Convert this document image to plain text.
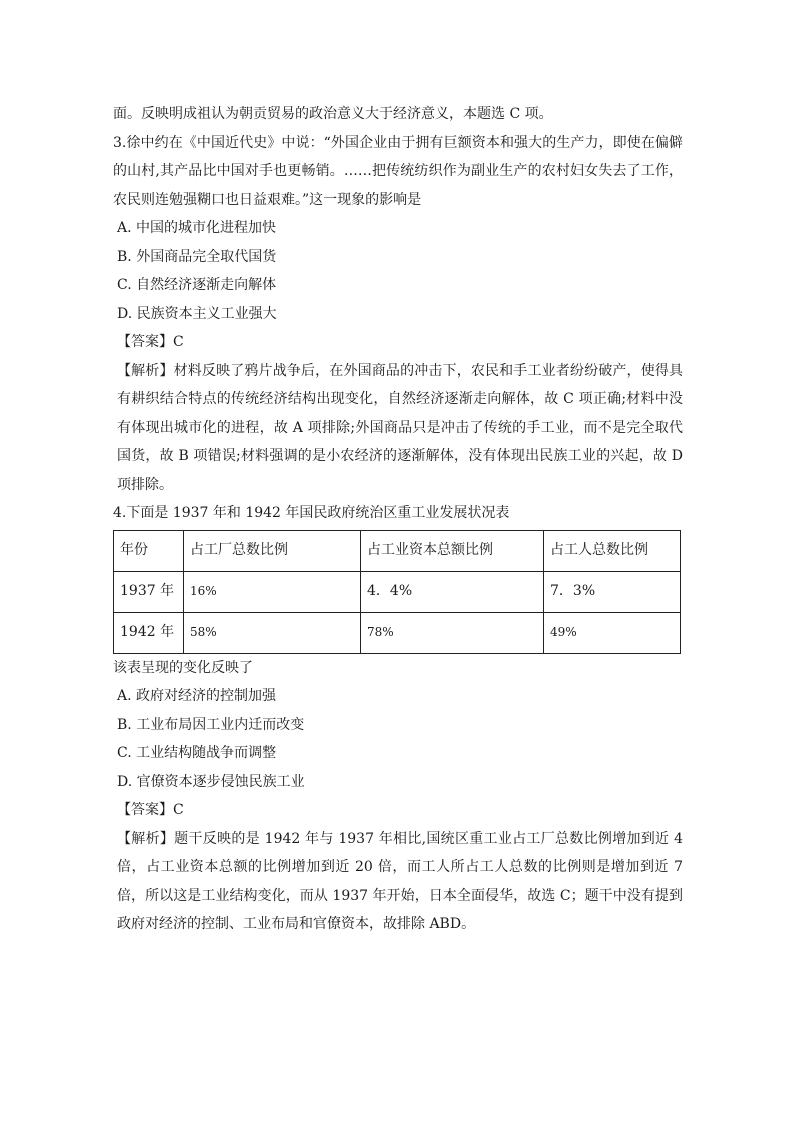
面。反映明成祖认为朝贡贸易的政治意义大于经济意义，本题选 C 项。

3.徐中约在《中国近代史》中说：“外国企业由于拥有巨额资本和强大的生产力，即使在偏僻的山村,其产品比中国对手也更畅销。……把传统纺织作为副业生产的农村妇女失去了工作，农民则连勉强糊口也日益艰难。”这一现象的影响是

A. 中国的城市化进程加快

B. 外国商品完全取代国货

C. 自然经济逐渐走向解体

D. 民族资本主义工业强大

【答案】C

【解析】材料反映了鸦片战争后，在外国商品的冲击下，农民和手工业者纷纷破产，使得具有耕织结合特点的传统经济结构出现变化，自然经济逐渐走向解体，故 C 项正确;材料中没有体现出城市化的进程，故 A 项排除;外国商品只是冲击了传统的手工业，而不是完全取代国货，故 B 项错误;材料强调的是小农经济的逐渐解体，没有体现出民族工业的兴起，故 D 项排除。

4.下面是 1937 年和 1942 年国民政府统治区重工业发展状况表

年份	占工厂总数比例	占工业资本总额比例	占工人总数比例
1937 年	16%	4．4%	7．3%
1942 年	58%	78%	49%

该表呈现的变化反映了

A. 政府对经济的控制加强

B. 工业布局因工业内迁而改变

C. 工业结构随战争而调整

D. 官僚资本逐步侵蚀民族工业

【答案】C

【解析】题干反映的是 1942 年与 1937 年相比,国统区重工业占工厂总数比例增加到近 4 倍，占工业资本总额的比例增加到近 20 倍，而工人所占工人总数的比例则是增加到近 7 倍，所以这是工业结构变化，而从 1937 年开始，日本全面侵华，故选 C；题干中没有提到政府对经济的控制、工业布局和官僚资本，故排除 ABD。
